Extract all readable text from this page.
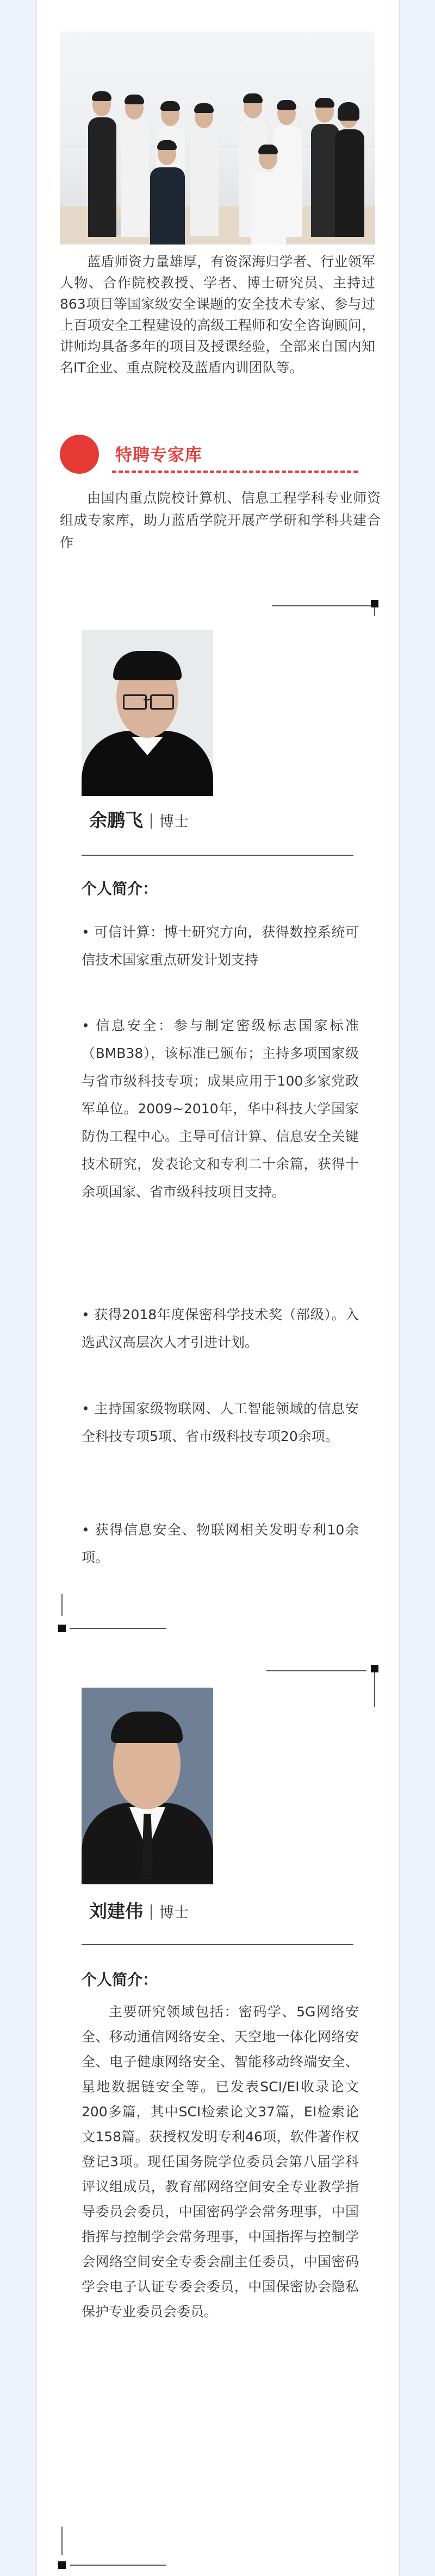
蓝盾师资力量雄厚，有资深海归学者、行业领军人物、合作院校教授、学者、博士研究员、主持过863项目等国家级安全课题的安全技术专家、参与过上百项安全工程建设的高级工程师和安全咨询顾问，讲师均具备多年的项目及授课经验，全部来自国内知名IT企业、重点院校及蓝盾内训团队等。
特聘专家库
由国内重点院校计算机、信息工程学科专业师资组成专家库，助力蓝盾学院开展产学研和学科共建合作
余鹏飞 博士
个人简介：
• 可信计算：博士研究方向，获得数控系统可信技术国家重点研发计划支持
• 信息安全：参与制定密级标志国家标准（BMB38），该标准已颁布；主持多项国家级与省市级科技专项；成果应用于100多家党政军单位。2009~2010年，华中科技大学国家防伪工程中心。主导可信计算、信息安全关键技术研究，发表论文和专利二十余篇，获得十余项国家、省市级科技项目支持。
• 获得2018年度保密科学技术奖（部级）。入选武汉高层次人才引进计划。
• 主持国家级物联网、人工智能领域的信息安全科技专项5项、省市级科技专项20余项。
• 获得信息安全、物联网相关发明专利10余项。
刘建伟 博士
个人简介：
主要研究领域包括：密码学、5G网络安全、移动通信网络安全、天空地一体化网络安全、电子健康网络安全、智能移动终端安全、星地数据链安全等。已发表SCI/EI收录论文200多篇，其中SCI检索论文37篇，EI检索论文158篇。获授权发明专利46项，软件著作权登记3项。现任国务院学位委员会第八届学科评议组成员，教育部网络空间安全专业教学指导委员会委员，中国密码学会常务理事，中国指挥与控制学会常务理事，中国指挥与控制学会网络空间安全专委会副主任委员，中国密码学会电子认证专委会委员，中国保密协会隐私保护专业委员会委员。
